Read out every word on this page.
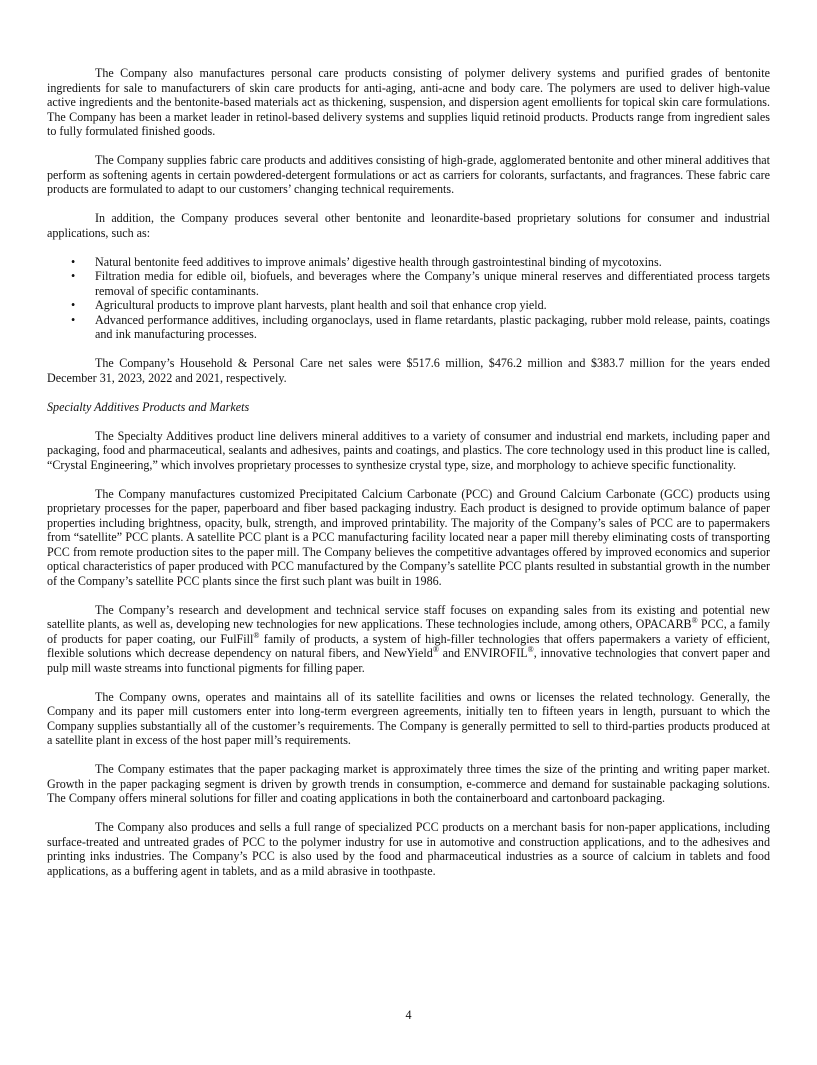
The Company also manufactures personal care products consisting of polymer delivery systems and purified grades of bentonite ingredients for sale to manufacturers of skin care products for anti-aging, anti-acne and body care. The polymers are used to deliver high-value active ingredients and the bentonite-based materials act as thickening, suspension, and dispersion agent emollients for topical skin care formulations. The Company has been a market leader in retinol-based delivery systems and supplies liquid retinoid products. Products range from ingredient sales to fully formulated finished goods.

The Company supplies fabric care products and additives consisting of high-grade, agglomerated bentonite and other mineral additives that perform as softening agents in certain powdered-detergent formulations or act as carriers for colorants, surfactants, and fragrances. These fabric care products are formulated to adapt to our customers’ changing technical requirements.

In addition, the Company produces several other bentonite and leonardite-based proprietary solutions for consumer and industrial applications, such as:

• Natural bentonite feed additives to improve animals’ digestive health through gastrointestinal binding of mycotoxins.
• Filtration media for edible oil, biofuels, and beverages where the Company’s unique mineral reserves and differentiated process targets removal of specific contaminants.
• Agricultural products to improve plant harvests, plant health and soil that enhance crop yield.
• Advanced performance additives, including organoclays, used in flame retardants, plastic packaging, rubber mold release, paints, coatings and ink manufacturing processes.

The Company’s Household & Personal Care net sales were $517.6 million, $476.2 million and $383.7 million for the years ended December 31, 2023, 2022 and 2021, respectively.

Specialty Additives Products and Markets

The Specialty Additives product line delivers mineral additives to a variety of consumer and industrial end markets, including paper and packaging, food and pharmaceutical, sealants and adhesives, paints and coatings, and plastics. The core technology used in this product line is called, “Crystal Engineering,” which involves proprietary processes to synthesize crystal type, size, and morphology to achieve specific functionality.

The Company manufactures customized Precipitated Calcium Carbonate (PCC) and Ground Calcium Carbonate (GCC) products using proprietary processes for the paper, paperboard and fiber based packaging industry. Each product is designed to provide optimum balance of paper properties including brightness, opacity, bulk, strength, and improved printability. The majority of the Company’s sales of PCC are to papermakers from “satellite” PCC plants. A satellite PCC plant is a PCC manufacturing facility located near a paper mill thereby eliminating costs of transporting PCC from remote production sites to the paper mill. The Company believes the competitive advantages offered by improved economics and superior optical characteristics of paper produced with PCC manufactured by the Company’s satellite PCC plants resulted in substantial growth in the number of the Company’s satellite PCC plants since the first such plant was built in 1986.

The Company’s research and development and technical service staff focuses on expanding sales from its existing and potential new satellite plants, as well as, developing new technologies for new applications. These technologies include, among others, OPACARB® PCC, a family of products for paper coating, our FulFill® family of products, a system of high-filler technologies that offers papermakers a variety of efficient, flexible solutions which decrease dependency on natural fibers, and NewYield® and ENVIROFIL®, innovative technologies that convert paper and pulp mill waste streams into functional pigments for filling paper.

The Company owns, operates and maintains all of its satellite facilities and owns or licenses the related technology. Generally, the Company and its paper mill customers enter into long-term evergreen agreements, initially ten to fifteen years in length, pursuant to which the Company supplies substantially all of the customer’s requirements. The Company is generally permitted to sell to third-parties products produced at a satellite plant in excess of the host paper mill’s requirements.

The Company estimates that the paper packaging market is approximately three times the size of the printing and writing paper market. Growth in the paper packaging segment is driven by growth trends in consumption, e-commerce and demand for sustainable packaging solutions. The Company offers mineral solutions for filler and coating applications in both the containerboard and cartonboard packaging.

The Company also produces and sells a full range of specialized PCC products on a merchant basis for non-paper applications, including surface-treated and untreated grades of PCC to the polymer industry for use in automotive and construction applications, and to the adhesives and printing inks industries. The Company’s PCC is also used by the food and pharmaceutical industries as a source of calcium in tablets and food applications, as a buffering agent in tablets, and as a mild abrasive in toothpaste.

4
